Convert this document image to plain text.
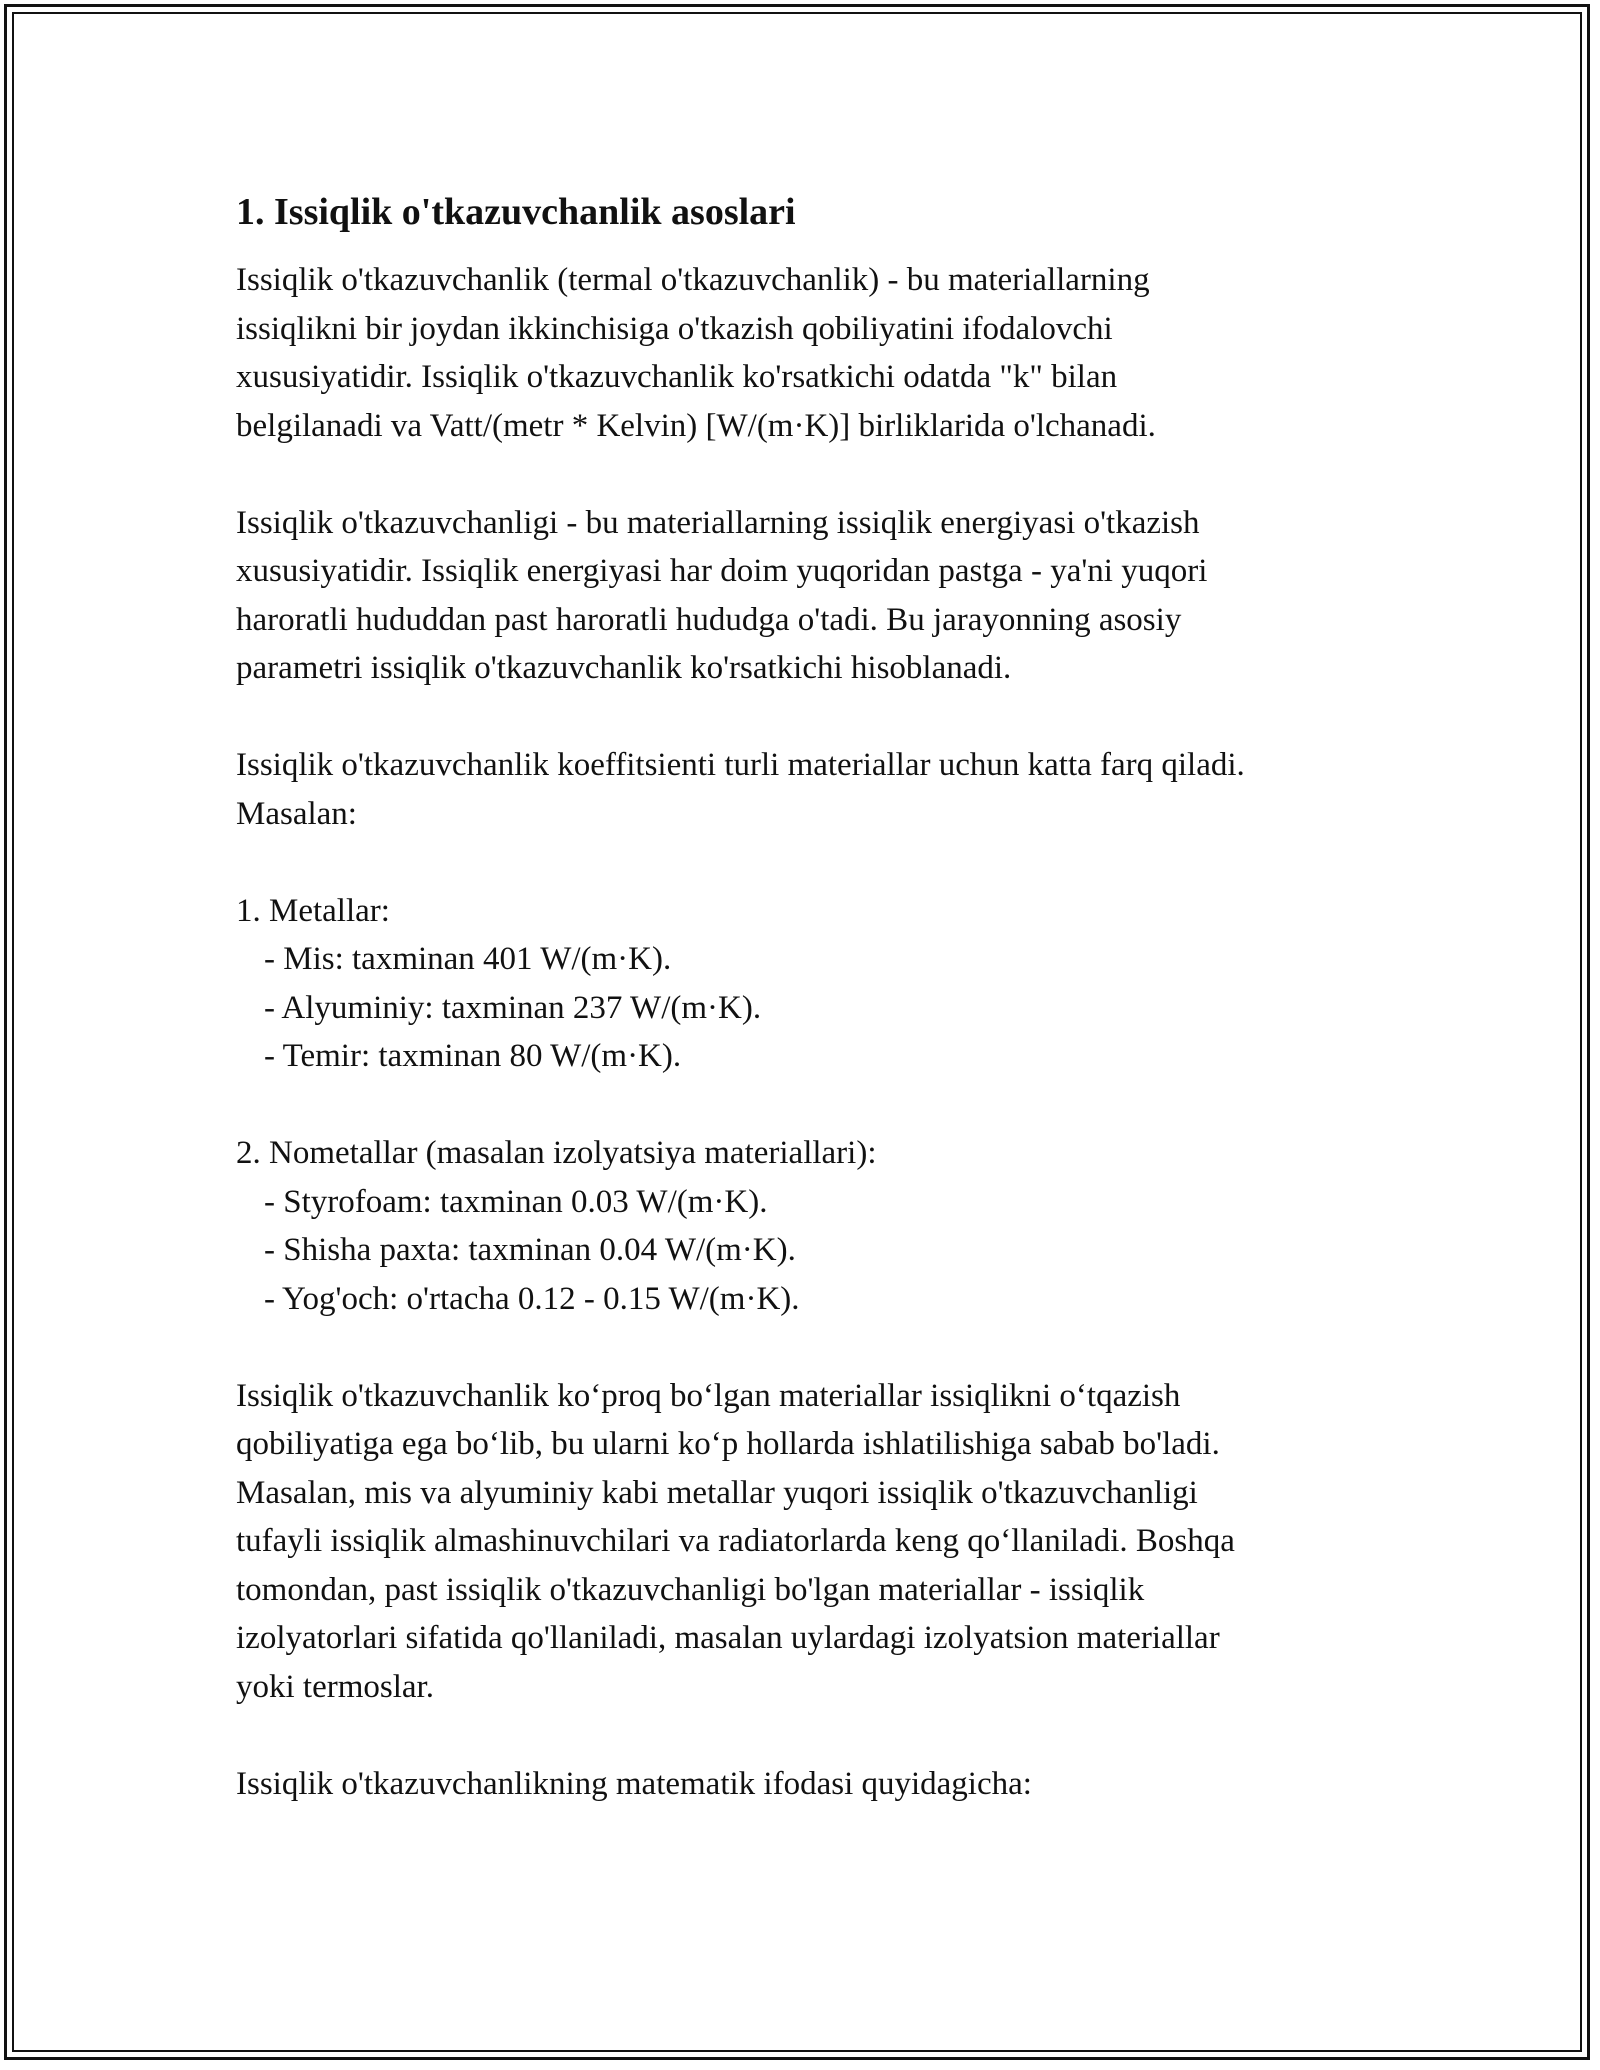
1. Issiqlik o'tkazuvchanlik asoslari
Issiqlik o'tkazuvchanlik (termal o'tkazuvchanlik) - bu materiallarning
issiqlikni bir joydan ikkinchisiga o'tkazish qobiliyatini ifodalovchi
xususiyatidir. Issiqlik o'tkazuvchanlik ko'rsatkichi odatda "k" bilan
belgilanadi va Vatt/(metr * Kelvin) [W/(m·K)] birliklarida o'lchanadi.
Issiqlik o'tkazuvchanligi - bu materiallarning issiqlik energiyasi o'tkazish
xususiyatidir. Issiqlik energiyasi har doim yuqoridan pastga - ya'ni yuqori
haroratli hududdan past haroratli hududga o'tadi. Bu jarayonning asosiy
parametri issiqlik o'tkazuvchanlik ko'rsatkichi hisoblanadi.
Issiqlik o'tkazuvchanlik koeffitsienti turli materiallar uchun katta farq qiladi.
Masalan:
1. Metallar:
- Mis: taxminan 401 W/(m·K).
- Alyuminiy: taxminan 237 W/(m·K).
- Temir: taxminan 80 W/(m·K).
2. Nometallar (masalan izolyatsiya materiallari):
- Styrofoam: taxminan 0.03 W/(m·K).
- Shisha paxta: taxminan 0.04 W/(m·K).
- Yog'och: o'rtacha 0.12 - 0.15 W/(m·K).
Issiqlik o'tkazuvchanlik ko‘proq bo‘lgan materiallar issiqlikni o‘tqazish
qobiliyatiga ega bo‘lib, bu ularni ko‘p hollarda ishlatilishiga sabab bo'ladi.
Masalan, mis va alyuminiy kabi metallar yuqori issiqlik o'tkazuvchanligi
tufayli issiqlik almashinuvchilari va radiatorlarda keng qo‘llaniladi. Boshqa
tomondan, past issiqlik o'tkazuvchanligi bo'lgan materiallar - issiqlik
izolyatorlari sifatida qo'llaniladi, masalan uylardagi izolyatsion materiallar
yoki termoslar.
Issiqlik o'tkazuvchanlikning matematik ifodasi quyidagicha:
